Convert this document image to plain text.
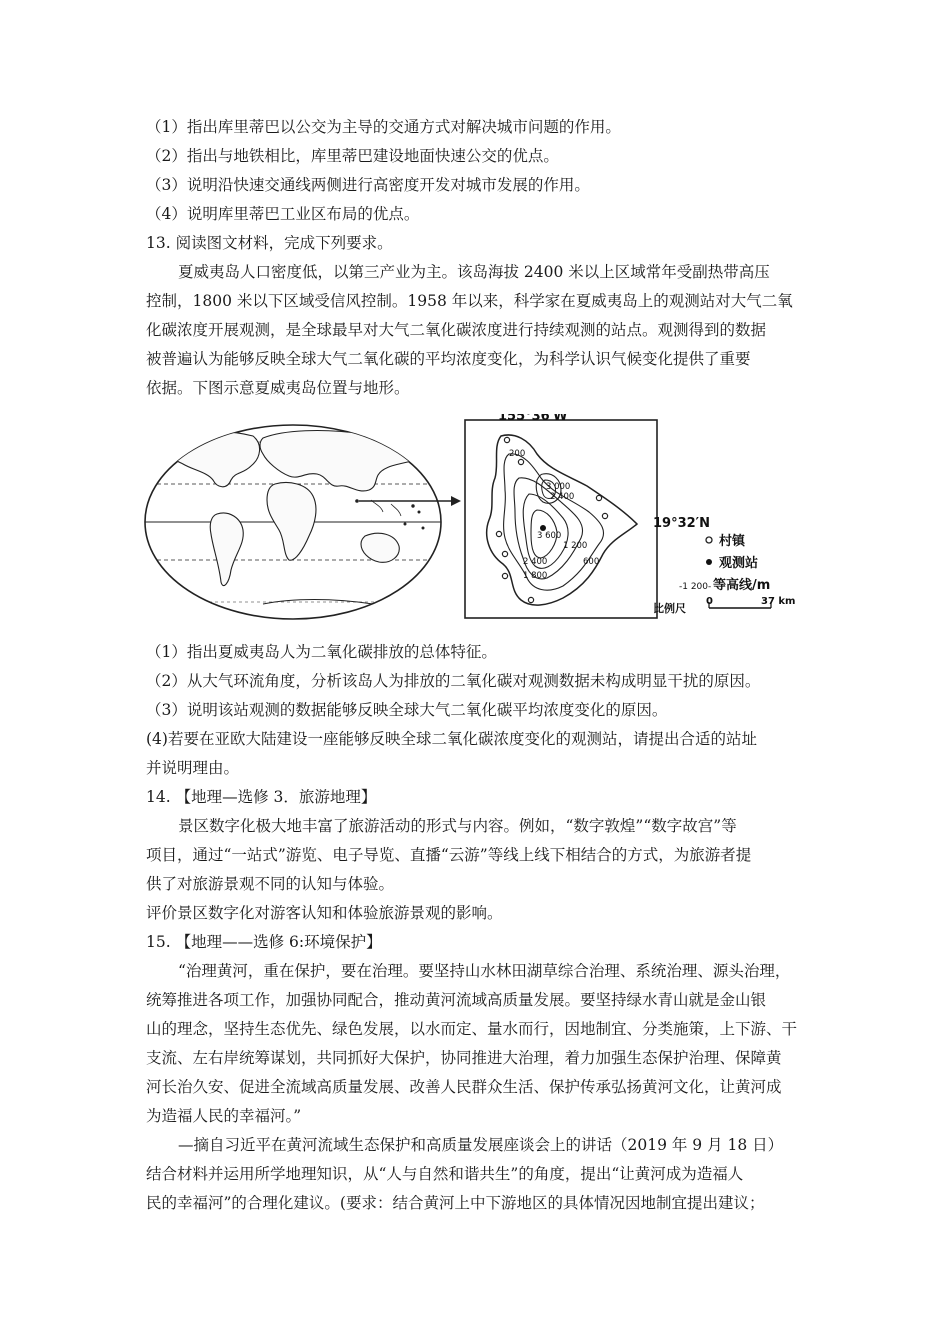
（1）指出库里蒂巴以公交为主导的交通方式对解决城市问题的作用。
（2）指出与地铁相比，库里蒂巴建设地面快速公交的优点。
（3）说明沿快速交通线两侧进行高密度开发对城市发展的作用。
（4）说明库里蒂巴工业区布局的优点。
13. 阅读图文材料，完成下列要求。
夏威夷岛人口密度低，以第三产业为主。该岛海拔 2400 米以上区域常年受副热带高压
控制，1800 米以下区域受信风控制。1958 年以来，科学家在夏威夷岛上的观测站对大气二氧
化碳浓度开展观测，是全球最早对大气二氧化碳浓度进行持续观测的站点。观测得到的数据
被普遍认为能够反映全球大气二氧化碳的平均浓度变化，为科学认识气候变化提供了重要
依据。下图示意夏威夷岛位置与地形。
3 000
2 400
3 600
2 400
1 800
1 200
600
200
155°36′W
19°32′N
村镇
观测站
-1 200- 等高线/m
比例尺
0	37 km
（1）指出夏威夷岛人为二氧化碳排放的总体特征。
（2）从大气环流角度，分析该岛人为排放的二氧化碳对观测数据未构成明显干扰的原因。
（3）说明该站观测的数据能够反映全球大气二氧化碳平均浓度变化的原因。
(4)若要在亚欧大陆建设一座能够反映全球二氧化碳浓度变化的观测站，请提出合适的站址
并说明理由。
14. 【地理—选修 3．旅游地理】
景区数字化极大地丰富了旅游活动的形式与内容。例如，“数字敦煌”“数字故宫”等
项目，通过“一站式”游览、电子导览、直播“云游”等线上线下相结合的方式，为旅游者提
供了对旅游景观不同的认知与体验。
评价景区数字化对游客认知和体验旅游景观的影响。
15. 【地理——选修 6:环境保护】
“治理黄河，重在保护，要在治理。要坚持山水林田湖草综合治理、系统治理、源头治理，
统筹推进各项工作，加强协同配合，推动黄河流域高质量发展。要坚持绿水青山就是金山银
山的理念，坚持生态优先、绿色发展，以水而定、量水而行，因地制宜、分类施策，上下游、干
支流、左右岸统筹谋划，共同抓好大保护，协同推进大治理，着力加强生态保护治理、保障黄
河长治久安、促进全流域高质量发展、改善人民群众生活、保护传承弘扬黄河文化，让黄河成
为造福人民的幸福河。”
—摘自习近平在黄河流域生态保护和高质量发展座谈会上的讲话（2019 年 9 月 18 日）
结合材料并运用所学地理知识，从“人与自然和谐共生”的角度，提出“让黄河成为造福人
民的幸福河”的合理化建议。(要求：结合黄河上中下游地区的具体情况因地制宜提出建议；
